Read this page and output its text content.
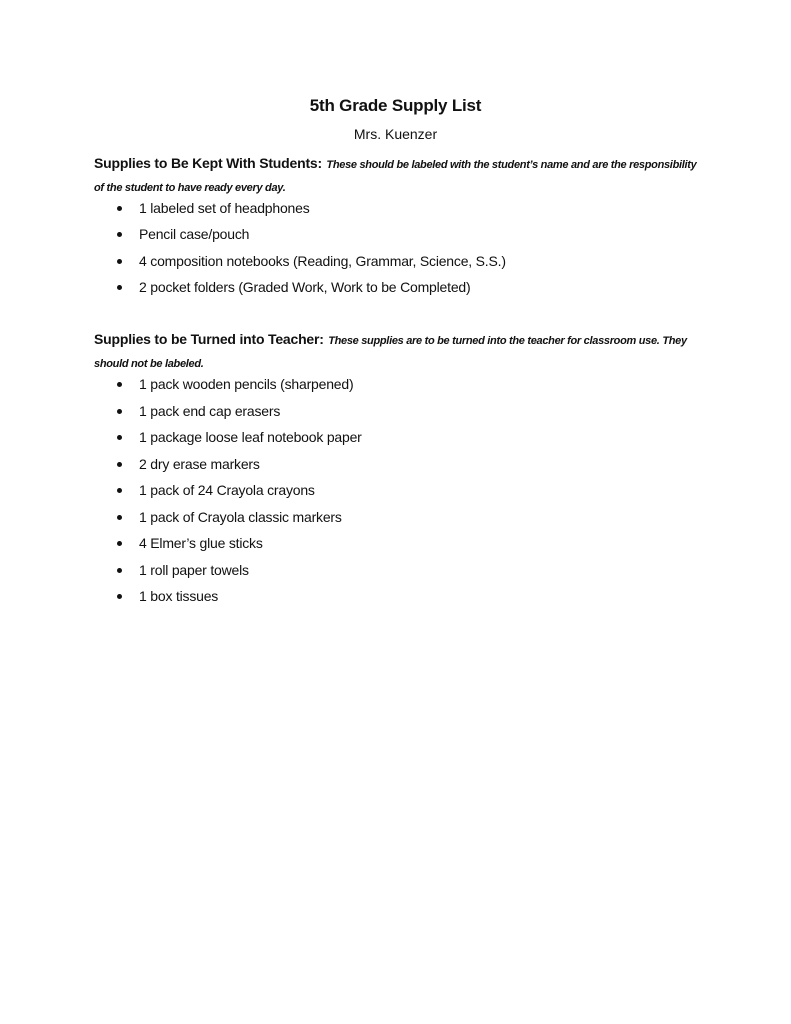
5th Grade Supply List

Mrs. Kuenzer

Supplies to Be Kept With Students: These should be labeled with the student’s name and are the responsibility of the student to have ready every day.

1 labeled set of headphones
Pencil case/pouch
4 composition notebooks (Reading, Grammar, Science, S.S.)
2 pocket folders (Graded Work, Work to be Completed)

Supplies to be Turned into Teacher: These supplies are to be turned into the teacher for classroom use. They should not be labeled.

1 pack wooden pencils (sharpened)
1 pack end cap erasers
1 package loose leaf notebook paper
2 dry erase markers
1 pack of 24 Crayola crayons
1 pack of Crayola classic markers
4 Elmer’s glue sticks
1 roll paper towels
1 box tissues
